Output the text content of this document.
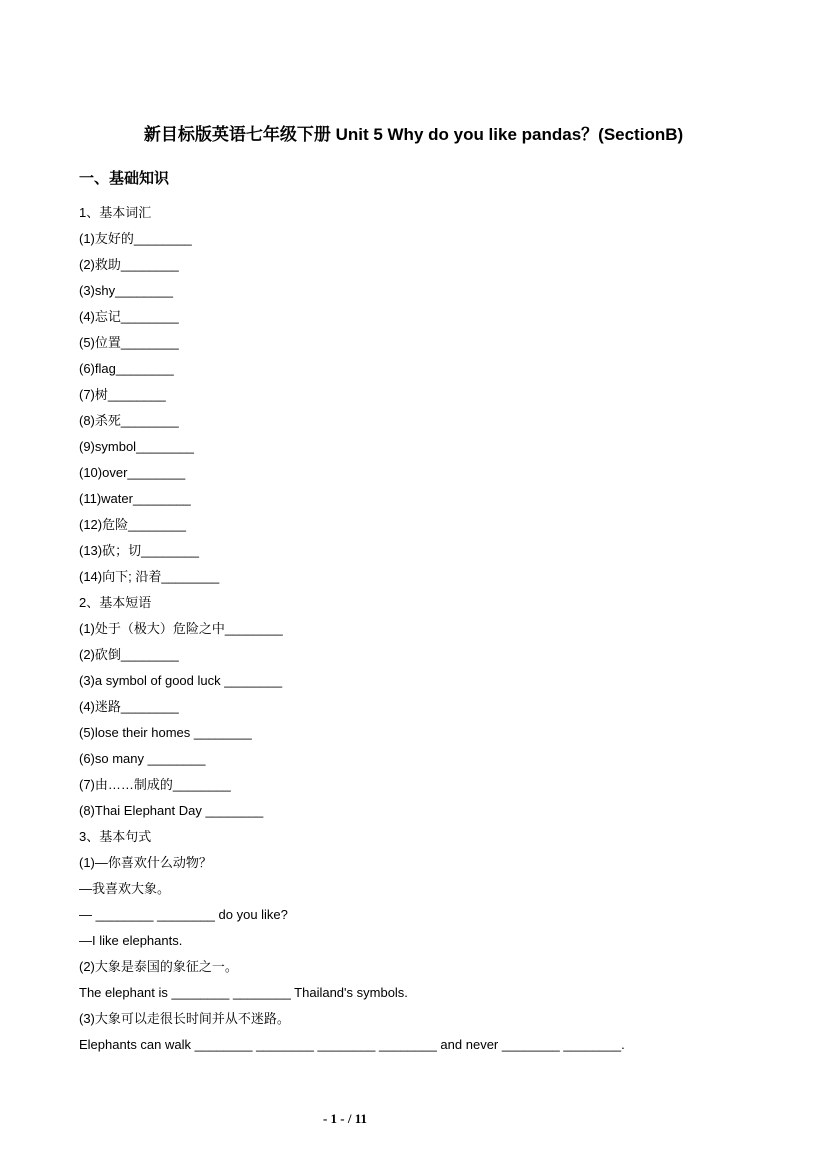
新目标版英语七年级下册 Unit 5 Why do you like pandas？(SectionB)
一、基础知识
1、基本词汇
(1)友好的________
(2)救助________
(3)shy________
(4)忘记________
(5)位置________
(6)flag________
(7)树________
(8)杀死________
(9)symbol________
(10)over________
(11)water________
(12)危险________
(13)砍；切________
(14)向下; 沿着________
2、基本短语
(1)处于（极大）危险之中________
(2)砍倒________
(3)a symbol of good luck ________
(4)迷路________
(5)lose their homes ________
(6)so many ________
(7)由……制成的________
(8)Thai Elephant Day ________
3、基本句式
(1)—你喜欢什么动物？
—我喜欢大象。
— ________ ________ do you like?
—I like elephants.
(2)大象是泰国的象征之一。
The elephant is ________ ________ Thailand's symbols.
(3)大象可以走很长时间并从不迷路。
Elephants can walk ________ ________ ________ ________ and never ________ ________.
- 1 - / 11
